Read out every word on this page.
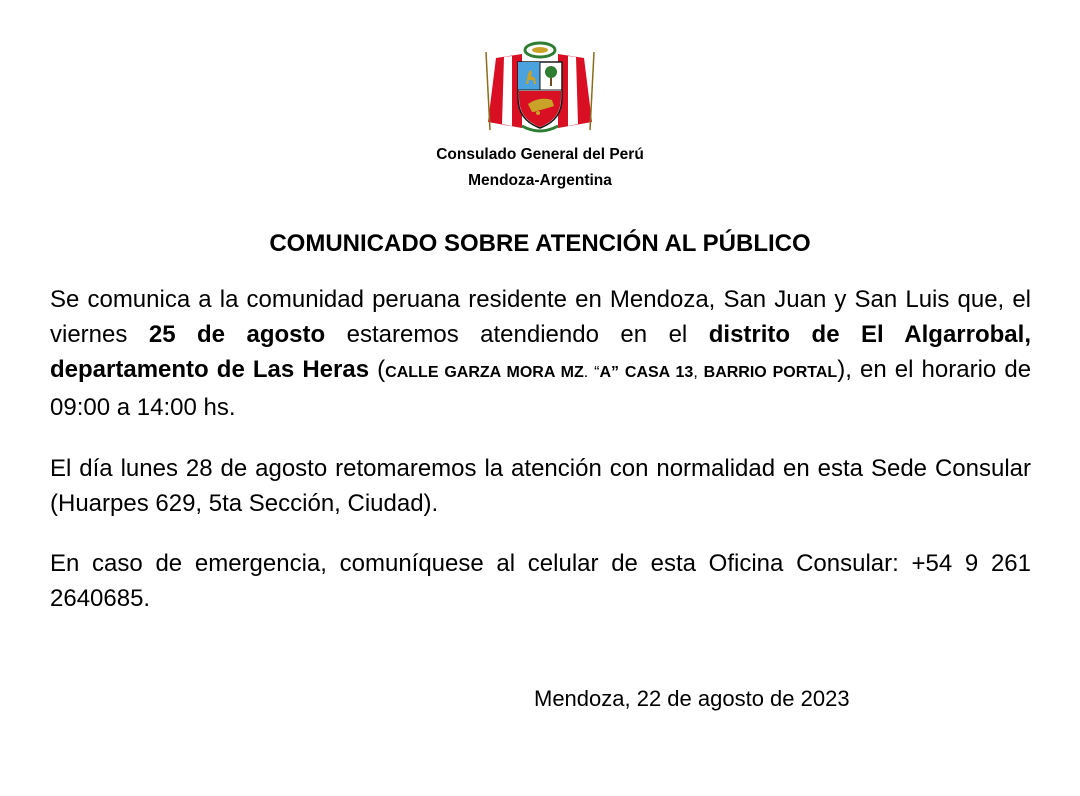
Consulado General del Perú
Mendoza-Argentina
COMUNICADO SOBRE ATENCIÓN AL PÚBLICO

Se comunica a la comunidad peruana residente en Mendoza, San Juan y San Luis que, el viernes 25 de agosto estaremos atendiendo en el distrito de El Algarrobal, departamento de Las Heras (CALLE GARZA MORA MZ. “A” CASA 13, BARRIO PORTAL), en el horario de 09:00 a 14:00 hs.

El día lunes 28 de agosto retomaremos la atención con normalidad en esta Sede Consular (Huarpes 629, 5ta Sección, Ciudad).

En caso de emergencia, comuníquese al celular de esta Oficina Consular: +54 9 261 2640685.

Mendoza, 22 de agosto de 2023
